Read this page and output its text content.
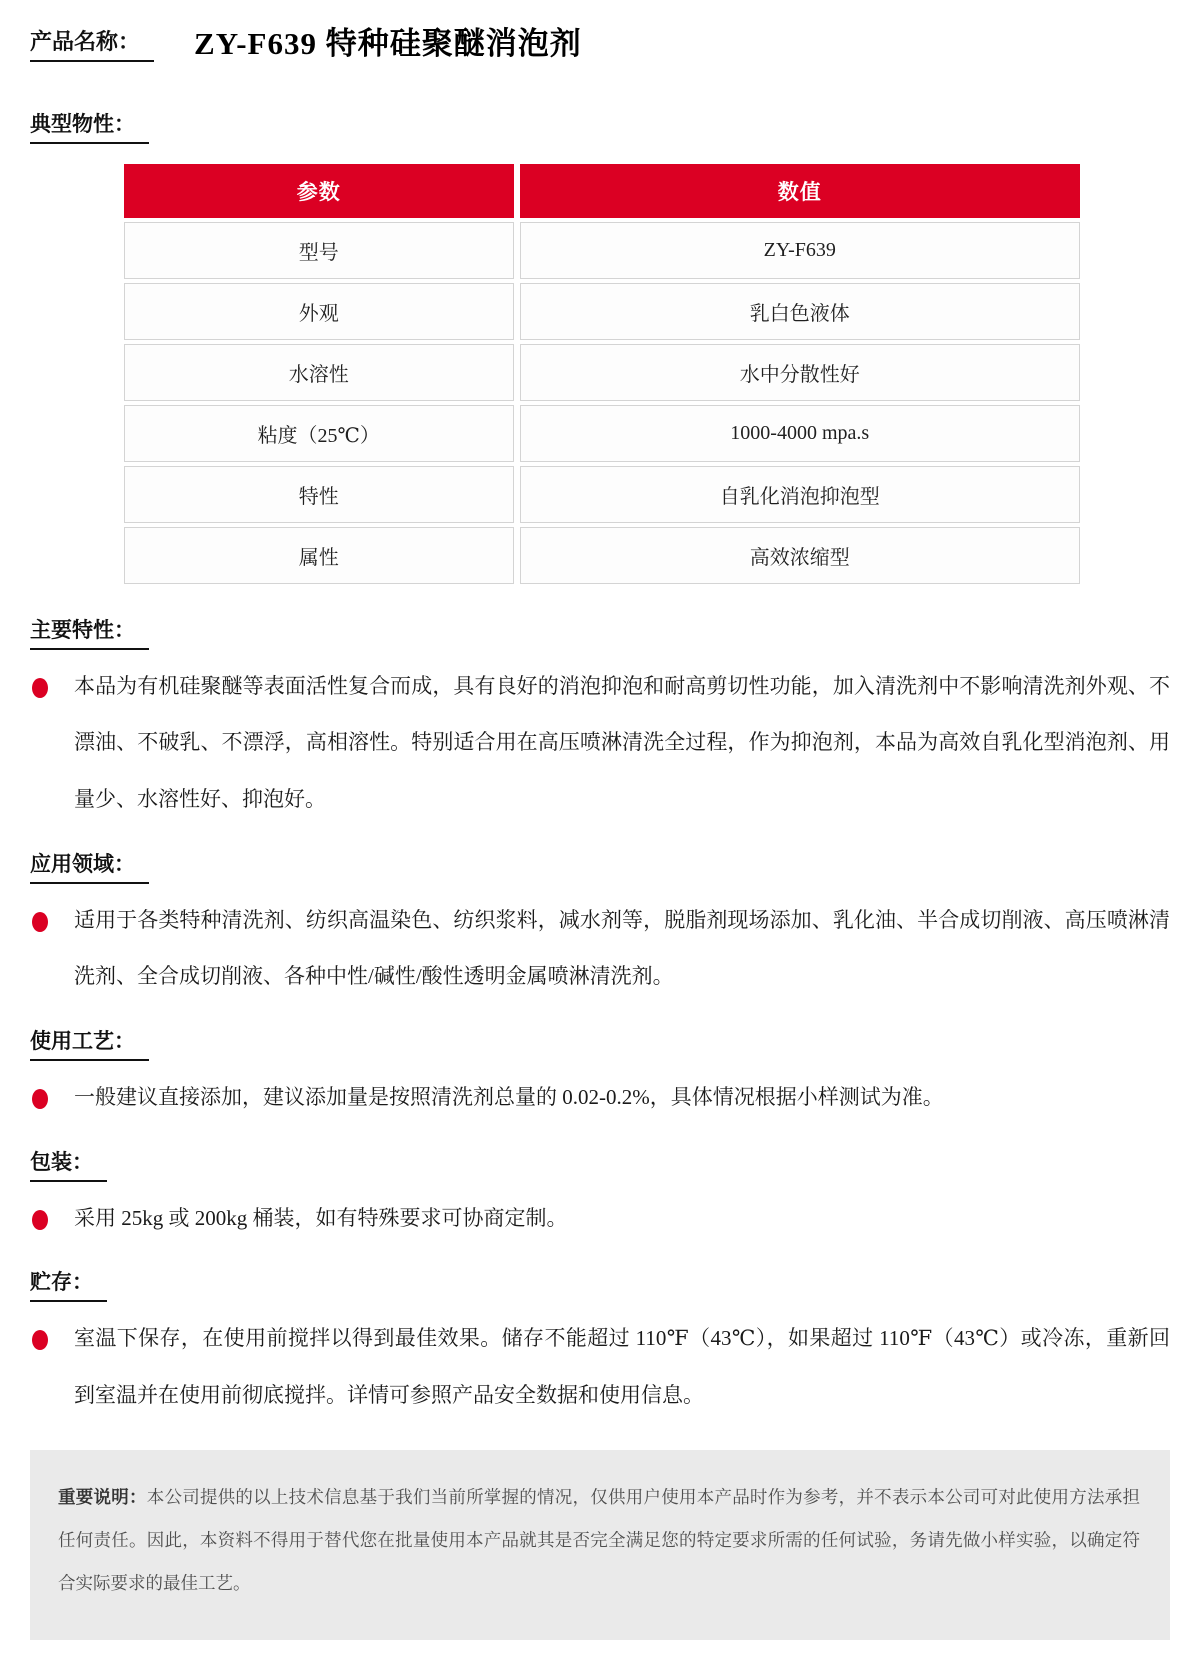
产品名称：	ZY-F639 特种硅聚醚消泡剂
典型物性：
参数	数值
型号	ZY-F639
外观	乳白色液体
水溶性	水中分散性好
粘度（25℃）	1000-4000 mpa.s
特性	自乳化消泡抑泡型
属性	高效浓缩型
主要特性：

本品为有机硅聚醚等表面活性复合而成，具有良好的消泡抑泡和耐高剪切性功能，加入清洗剂中不影响清洗剂外观、不漂油、不破乳、不漂浮，高相溶性。特别适合用在高压喷淋清洗全过程，作为抑泡剂，本品为高效自乳化型消泡剂、用量少、水溶性好、抑泡好。

应用领域：

适用于各类特种清洗剂、纺织高温染色、纺织浆料，减水剂等，脱脂剂现场添加、乳化油、半合成切削液、高压喷淋清洗剂、全合成切削液、各种中性/碱性/酸性透明金属喷淋清洗剂。

使用工艺：

一般建议直接添加，建议添加量是按照清洗剂总量的 0.02-0.2%，具体情况根据小样测试为准。

包装：

采用 25kg 或 200kg 桶装，如有特殊要求可协商定制。

贮存：

室温下保存，在使用前搅拌以得到最佳效果。储存不能超过 110℉（43℃），如果超过 110℉（43℃）或冷冻，重新回到室温并在使用前彻底搅拌。详情可参照产品安全数据和使用信息。

重要说明：本公司提供的以上技术信息基于我们当前所掌握的情况，仅供用户使用本产品时作为参考，并不表示本公司可对此使用方法承担任何责任。因此，本资料不得用于替代您在批量使用本产品就其是否完全满足您的特定要求所需的任何试验，务请先做小样实验，以确定符合实际要求的最佳工艺。
